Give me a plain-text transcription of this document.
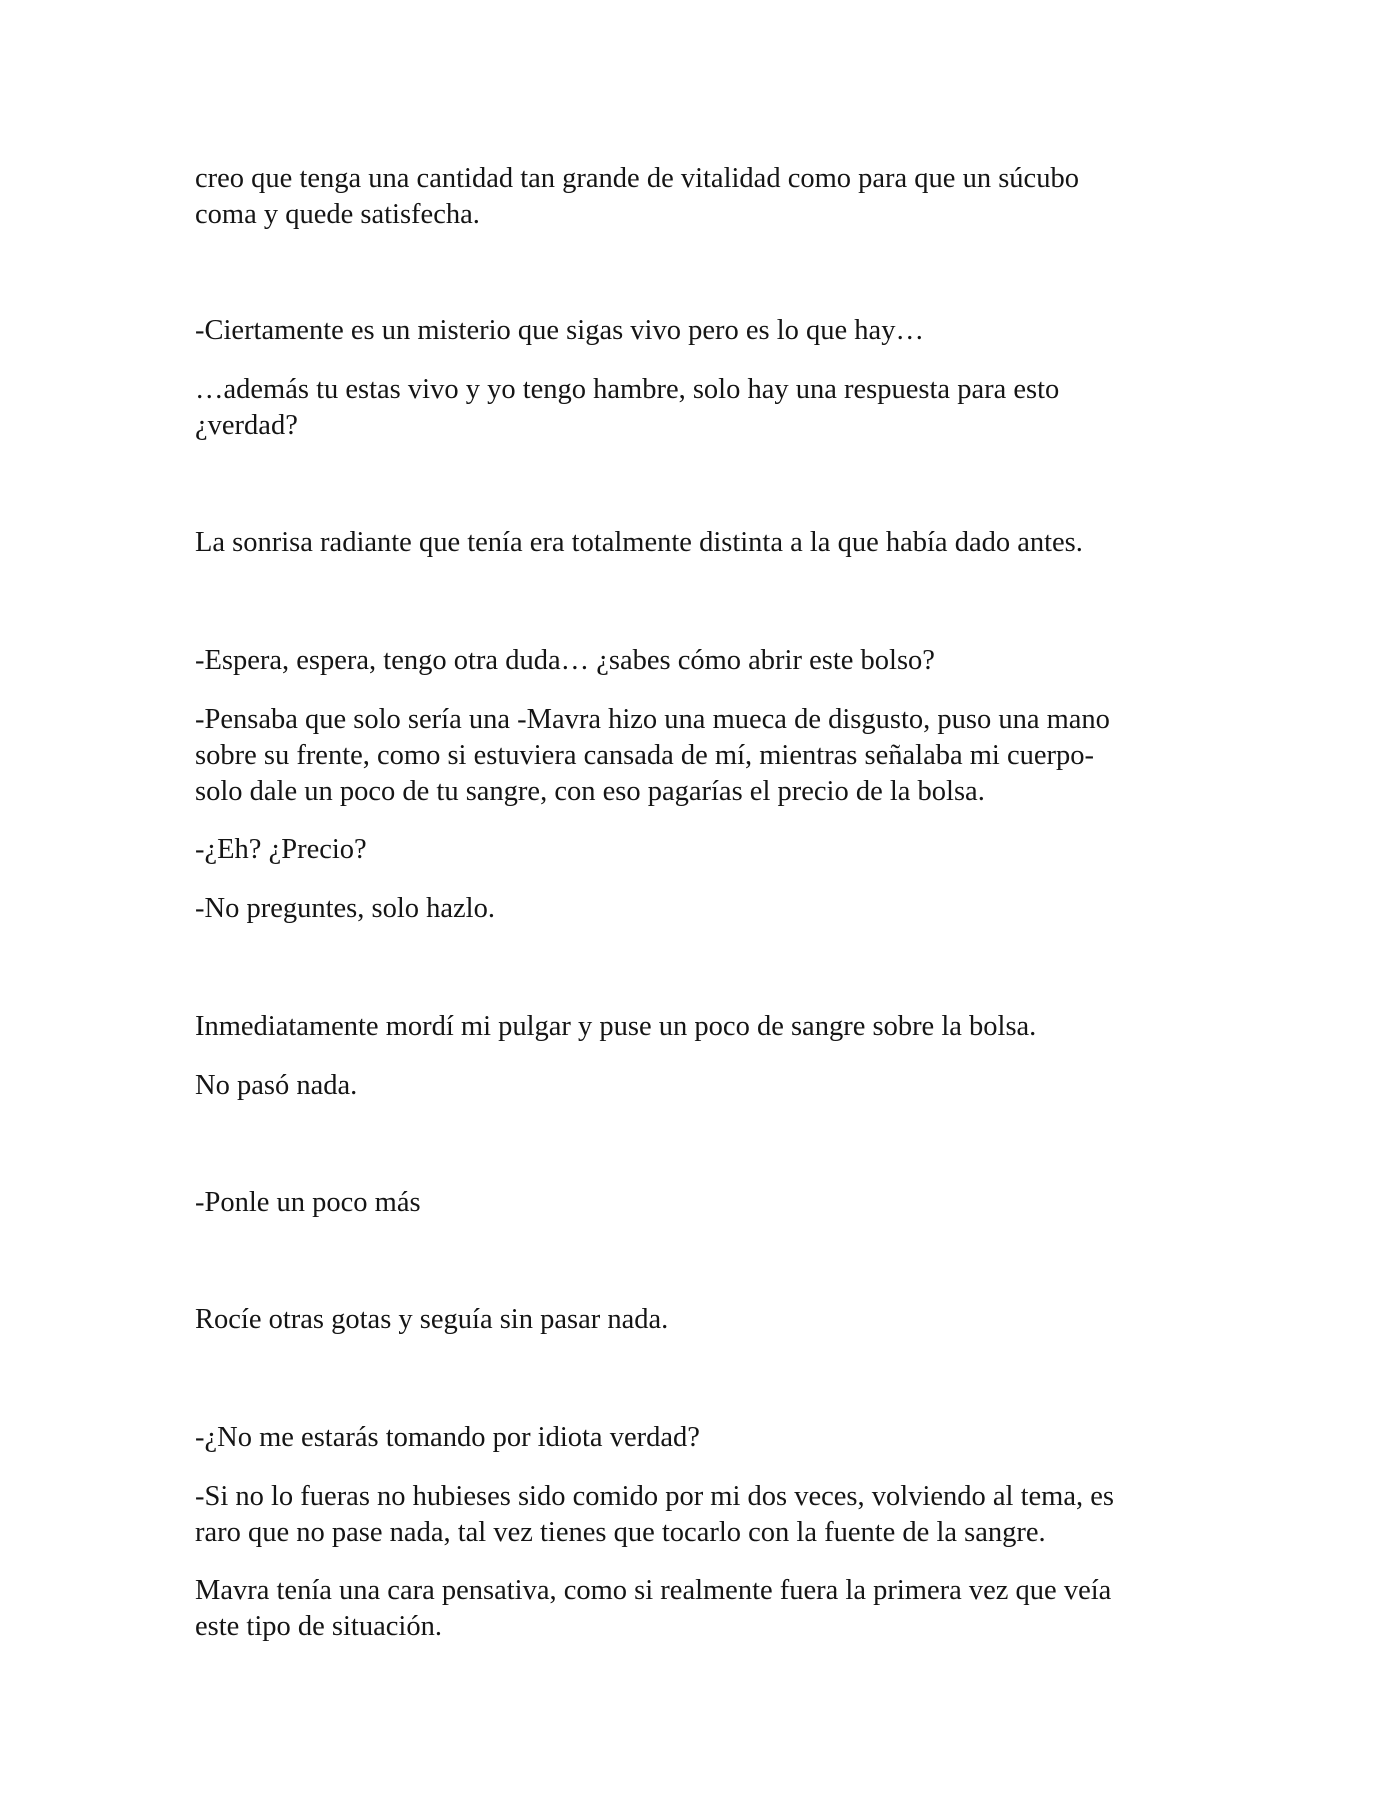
creo que tenga una cantidad tan grande de vitalidad como para que un súcubo

coma y quede satisfecha.

-Ciertamente es un misterio que sigas vivo pero es lo que hay…

…además tu estas vivo y yo tengo hambre, solo hay una respuesta para esto

¿verdad?

La sonrisa radiante que tenía era totalmente distinta a la que había dado antes.

-Espera, espera, tengo otra duda… ¿sabes cómo abrir este bolso?

-Pensaba que solo sería una -Mavra hizo una mueca de disgusto, puso una mano

sobre su frente, como si estuviera cansada de mí, mientras señalaba mi cuerpo-

solo dale un poco de tu sangre, con eso pagarías el precio de la bolsa.

-¿Eh? ¿Precio?

-No preguntes, solo hazlo.

Inmediatamente mordí mi pulgar y puse un poco de sangre sobre la bolsa.

No pasó nada.

-Ponle un poco más

Rocíe otras gotas y seguía sin pasar nada.

-¿No me estarás tomando por idiota verdad?

-Si no lo fueras no hubieses sido comido por mi dos veces, volviendo al tema, es

raro que no pase nada, tal vez tienes que tocarlo con la fuente de la sangre.

Mavra tenía una cara pensativa, como si realmente fuera la primera vez que veía

este tipo de situación.
